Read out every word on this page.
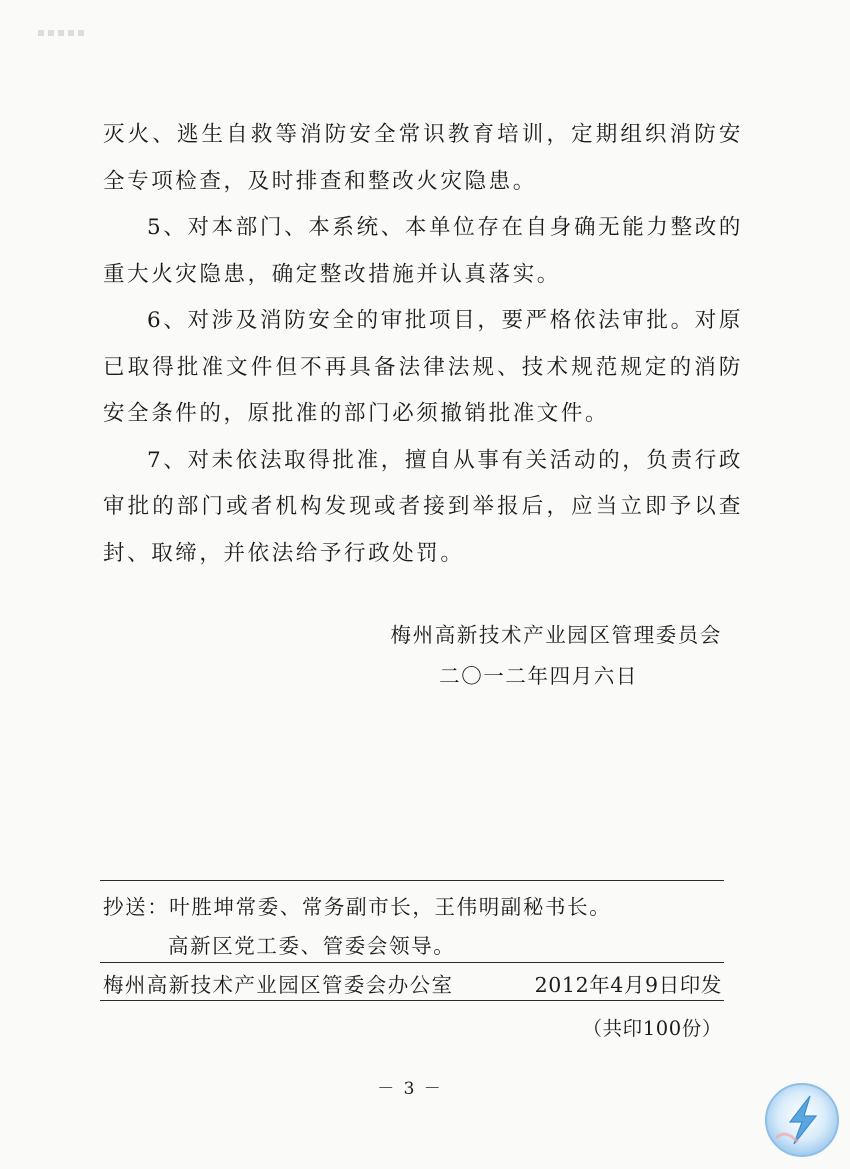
灭火、逃生自救等消防安全常识教育培训，定期组织消防安全专项检查，及时排查和整改火灾隐患。

5、对本部门、本系统、本单位存在自身确无能力整改的重大火灾隐患，确定整改措施并认真落实。

6、对涉及消防安全的审批项目，要严格依法审批。对原已取得批准文件但不再具备法律法规、技术规范规定的消防安全条件的，原批准的部门必须撤销批准文件。

7、对未依法取得批准，擅自从事有关活动的，负责行政审批的部门或者机构发现或者接到举报后，应当立即予以查封、取缔，并依法给予行政处罚。

梅州高新技术产业园区管理委员会
二〇一二年四月六日
抄送：叶胜坤常委、常务副市长，王伟明副秘书长。
高新区党工委、管委会领导。
梅州高新技术产业园区管委会办公室	2012年4月9日印发
（共印100份）
－ 3 －
